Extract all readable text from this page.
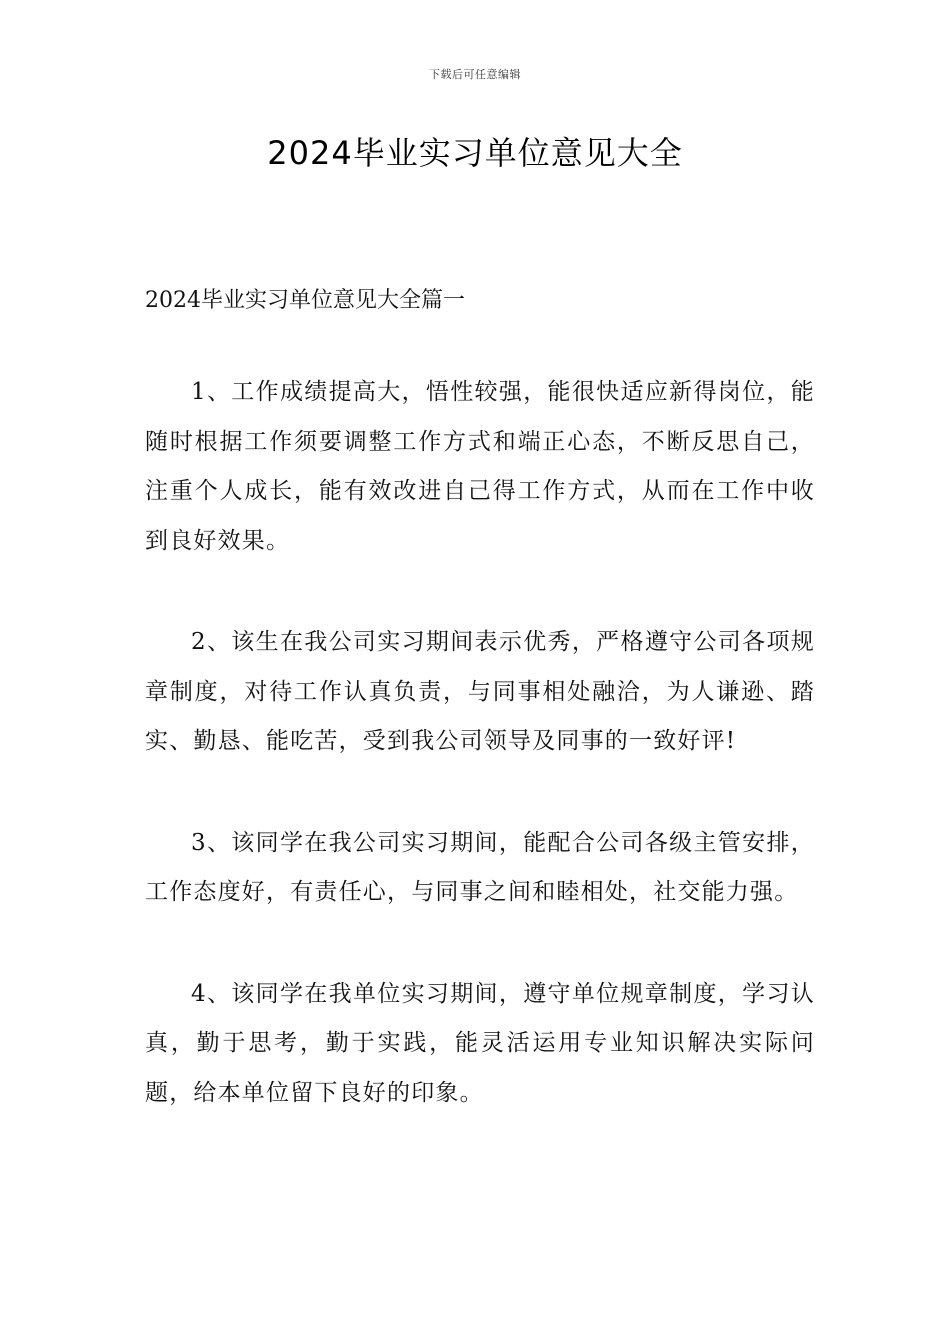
下载后可任意编辑
2024毕业实习单位意见大全

2024毕业实习单位意见大全篇一

1、工作成绩提高大，悟性较强，能很快适应新得岗位，能随时根据工作须要调整工作方式和端正心态，不断反思自己，注重个人成长，能有效改进自己得工作方式，从而在工作中收到良好效果。

2、该生在我公司实习期间表示优秀，严格遵守公司各项规章制度，对待工作认真负责，与同事相处融洽，为人谦逊、踏实、勤恳、能吃苦，受到我公司领导及同事的一致好评!

3、该同学在我公司实习期间，能配合公司各级主管安排，工作态度好，有责任心，与同事之间和睦相处，社交能力强。

4、该同学在我单位实习期间，遵守单位规章制度，学习认真，勤于思考，勤于实践，能灵活运用专业知识解决实际问题，给本单位留下良好的印象。
